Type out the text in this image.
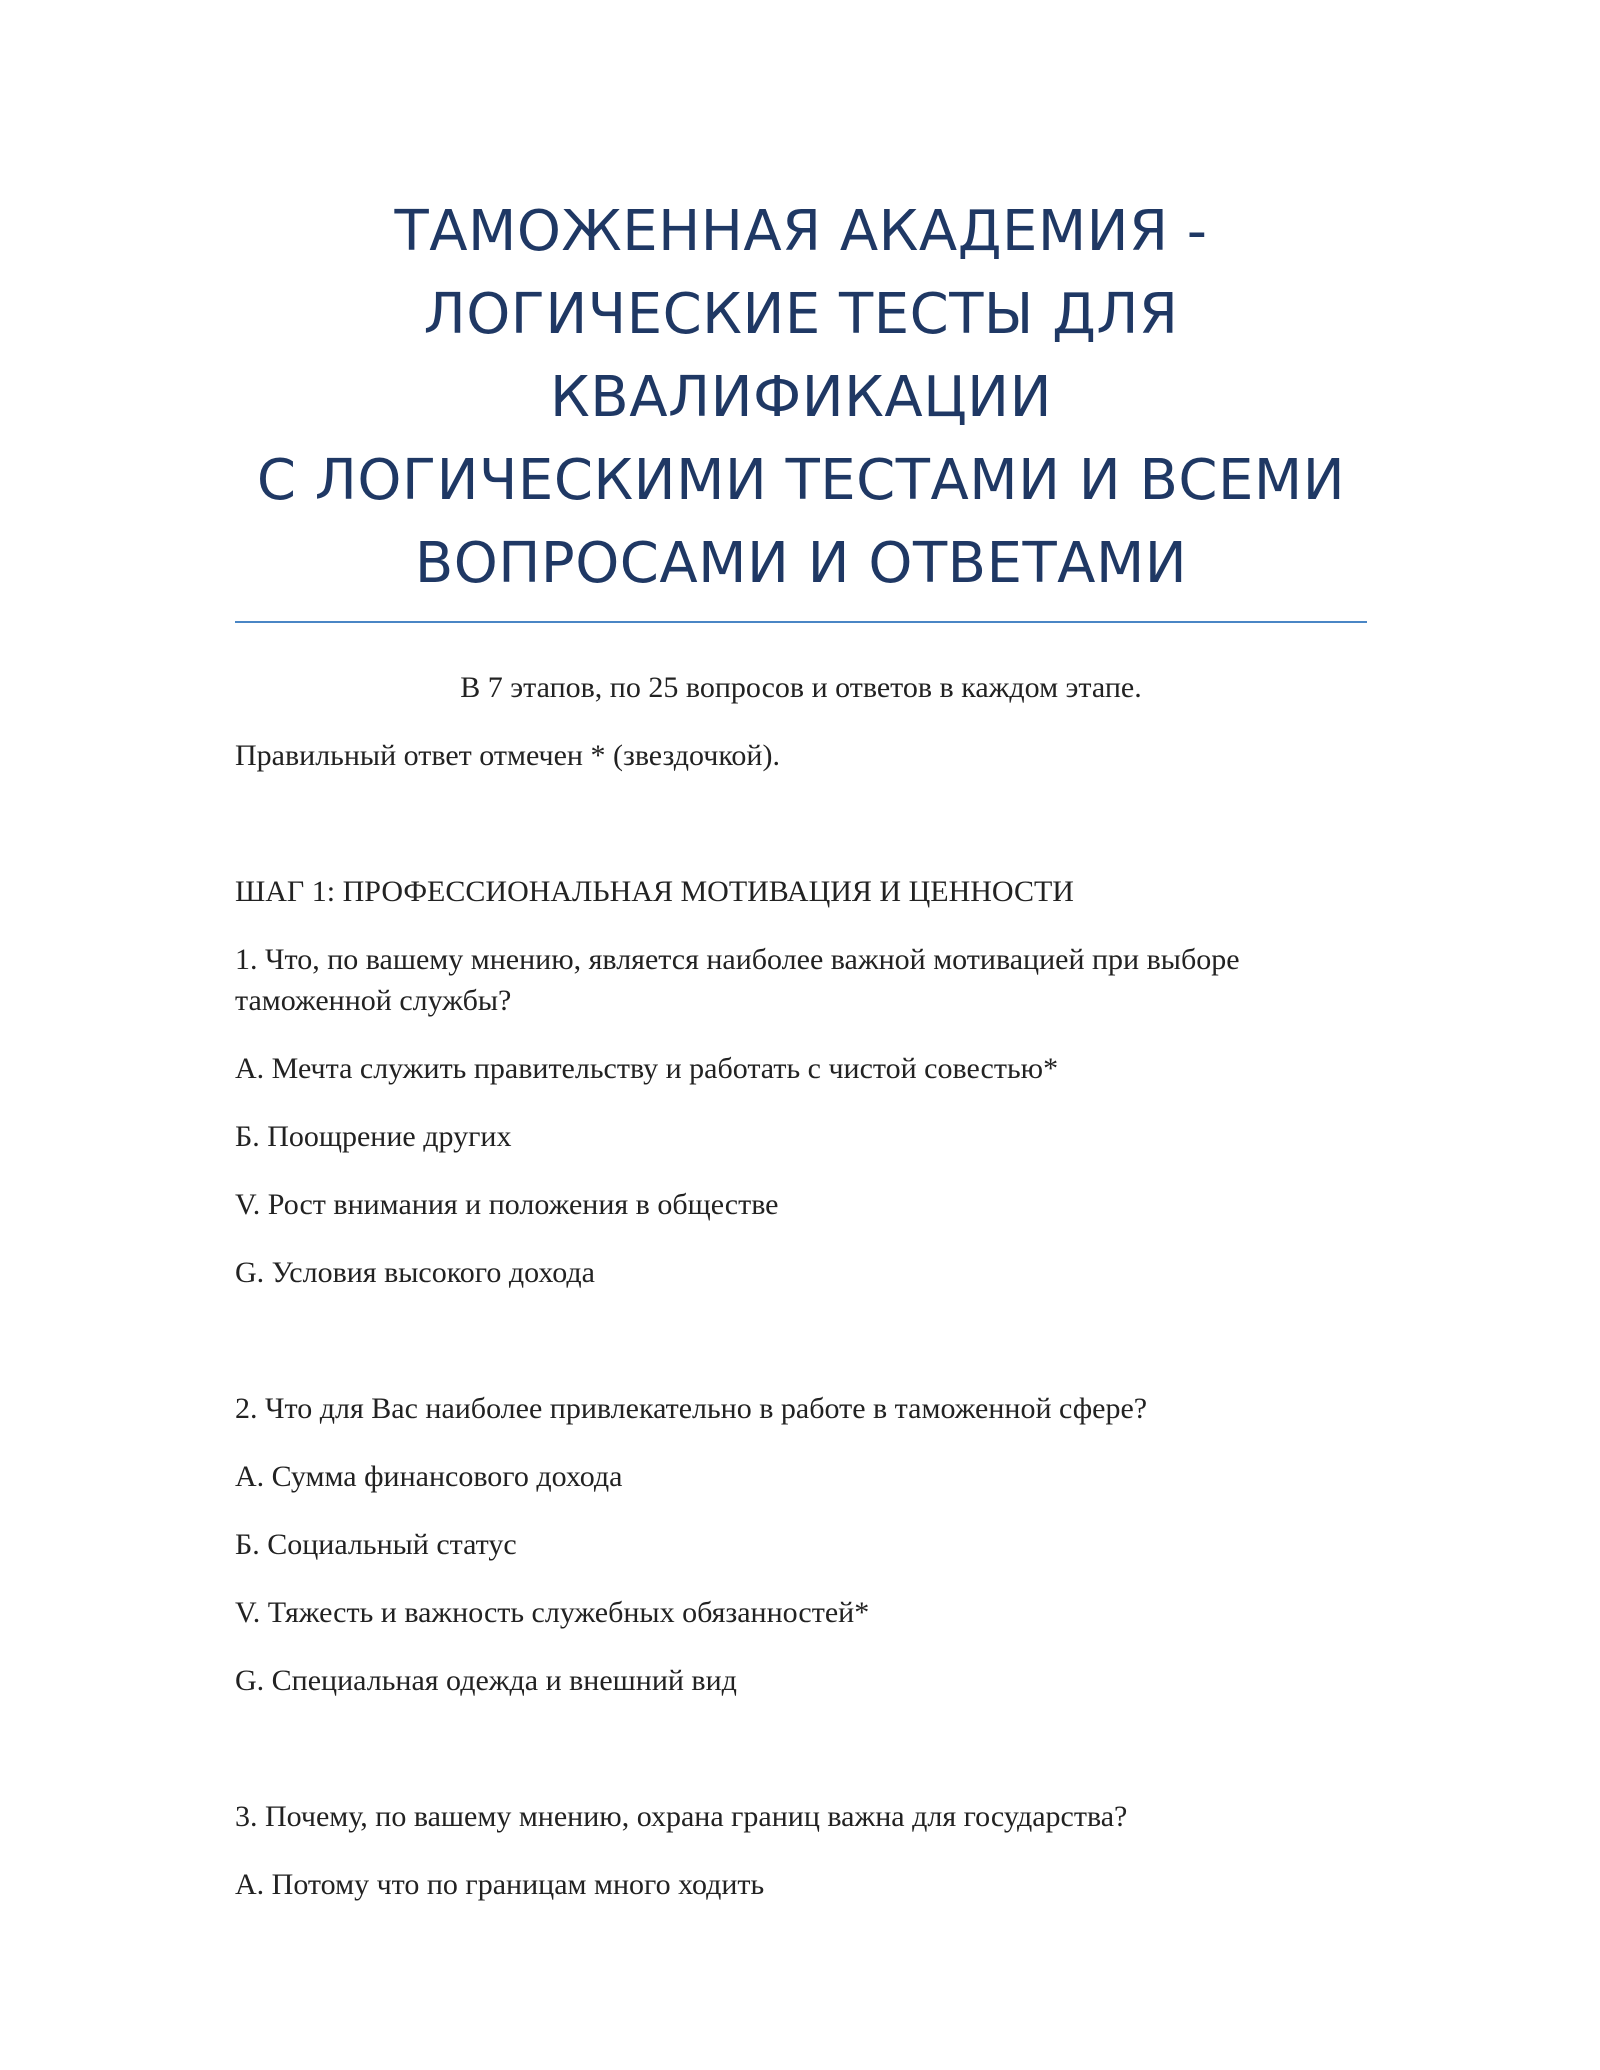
ТАМОЖЕННАЯ АКАДЕМИЯ -
ЛОГИЧЕСКИЕ ТЕСТЫ ДЛЯ
КВАЛИФИКАЦИИ
С ЛОГИЧЕСКИМИ ТЕСТАМИ И ВСЕМИ
ВОПРОСАМИ И ОТВЕТАМИ

В 7 этапов, по 25 вопросов и ответов в каждом этапе.

Правильный ответ отмечен * (звездочкой).

ШАГ 1: ПРОФЕССИОНАЛЬНАЯ МОТИВАЦИЯ И ЦЕННОСТИ

1. Что, по вашему мнению, является наиболее важной мотивацией при выборе таможенной службы?

A. Мечта служить правительству и работать с чистой совестью*

Б. Поощрение других

V. Рост внимания и положения в обществе

G. Условия высокого дохода

2. Что для Вас наиболее привлекательно в работе в таможенной сфере?

A. Сумма финансового дохода

Б. Социальный статус

V. Тяжесть и важность служебных обязанностей*

G. Специальная одежда и внешний вид

3. Почему, по вашему мнению, охрана границ важна для государства?

A. Потому что по границам много ходить
